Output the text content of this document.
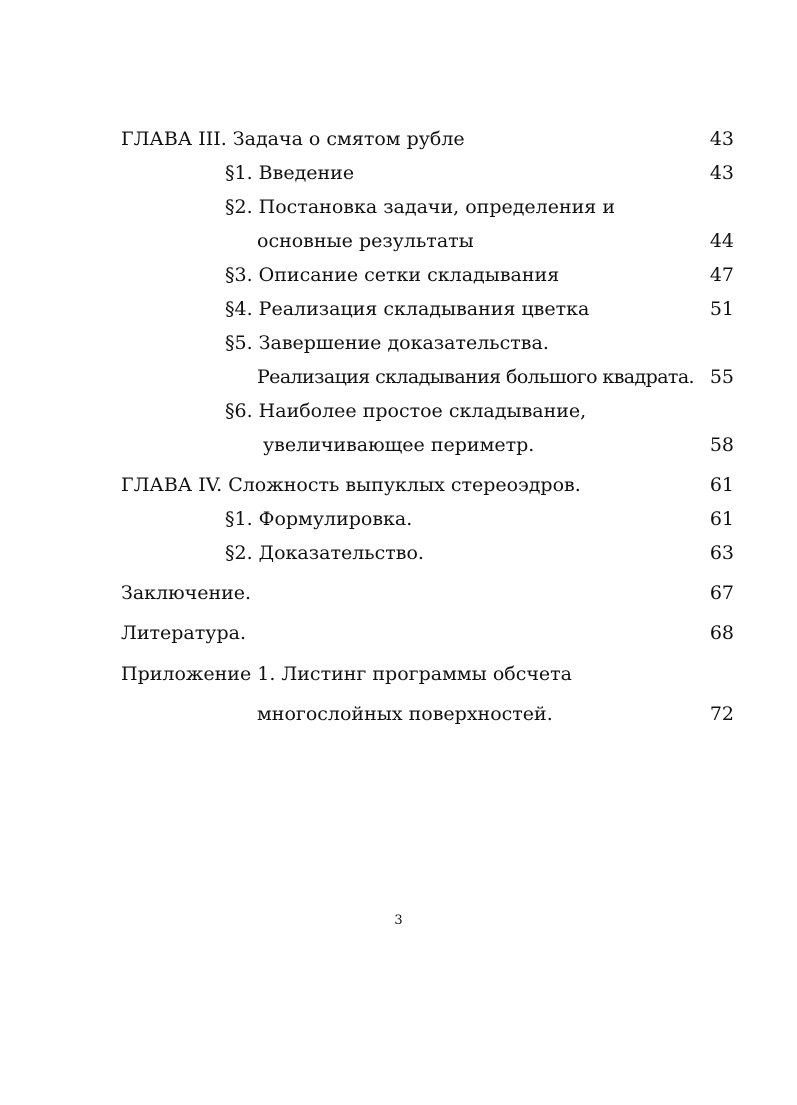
ГЛАВА III. Задача о смятом рубле	43
§1. Введение	43
§2. Постановка задачи, определения и
основные результаты	44
§3. Описание сетки складывания	47
§4. Реализация складывания цветка	51
§5. Завершение доказательства.
Реализация складывания большого квадрата. 55
§6. Наиболее простое складывание,
увеличивающее периметр.	58
ГЛАВА IV. Сложность выпуклых стереоэдров.	61
§1. Формулировка.	61
§2. Доказательство.	63
Заключение.	67
Литература.	68
Приложение 1. Листинг программы обсчета
многослойных поверхностей.	72
3
